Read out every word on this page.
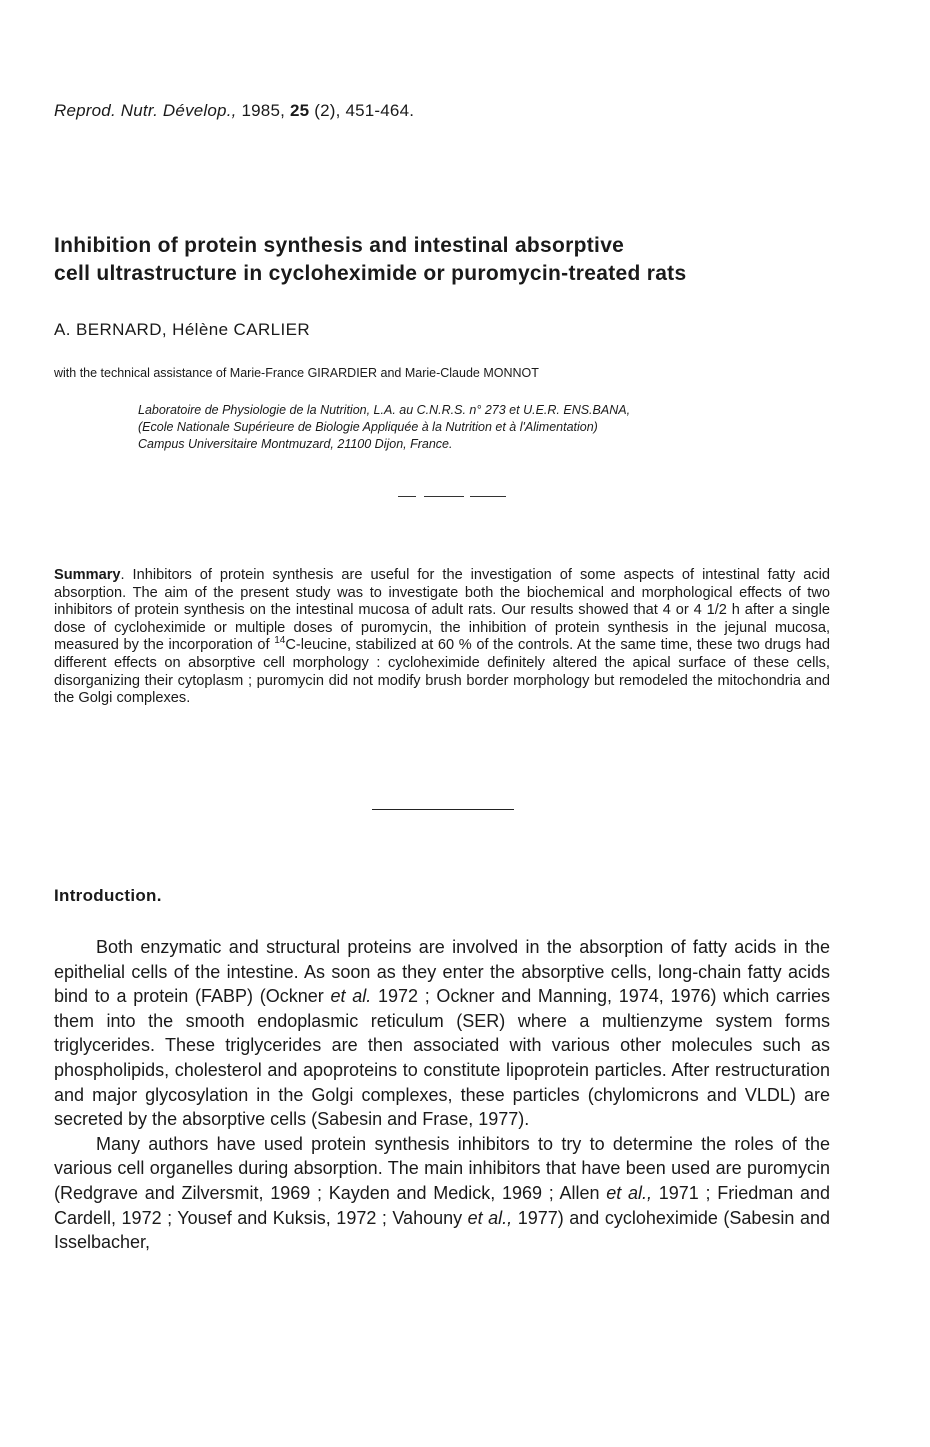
Reprod. Nutr. Dévelop., 1985, 25 (2), 451-464.
Inhibition of protein synthesis and intestinal absorptive
cell ultrastructure in cycloheximide or puromycin-treated rats
A. BERNARD, Hélène CARLIER
with the technical assistance of Marie-France GIRARDIER and Marie-Claude MONNOT
Laboratoire de Physiologie de la Nutrition, L.A. au C.N.R.S. n° 273 et U.E.R. ENS.BANA,
(Ecole Nationale Supérieure de Biologie Appliquée à la Nutrition et à l'Alimentation)
Campus Universitaire Montmuzard, 21100 Dijon, France.
Summary. Inhibitors of protein synthesis are useful for the investigation of some aspects of intestinal fatty acid absorption. The aim of the present study was to investigate both the biochemical and morphological effects of two inhibitors of protein synthesis on the intestinal mucosa of adult rats. Our results showed that 4 or 4 1/2 h after a single dose of cycloheximide or multiple doses of puromycin, the inhibition of protein synthesis in the jejunal mucosa, measured by the incorporation of $^{14}$C-leucine, stabilized at 60 % of the controls. At the same time, these two drugs had different effects on absorptive cell morphology : cycloheximide definitely altered the apical surface of these cells, disorganizing their cytoplasm ; puromycin did not modify brush border morphology but remodeled the mitochondria and the Golgi complexes.
Introduction.

Both enzymatic and structural proteins are involved in the absorption of fatty acids in the epithelial cells of the intestine. As soon as they enter the absorptive cells, long-chain fatty acids bind to a protein (FABP) (Ockner et al. 1972 ; Ockner and Manning, 1974, 1976) which carries them into the smooth endoplasmic reticulum (SER) where a multienzyme system forms triglycerides. These triglycerides are then associated with various other molecules such as phospholipids, cholesterol and apoproteins to constitute lipoprotein particles. After restructuration and major glycosylation in the Golgi complexes, these particles (chylomicrons and VLDL) are secreted by the absorptive cells (Sabesin and Frase, 1977).

Many authors have used protein synthesis inhibitors to try to determine the roles of the various cell organelles during absorption. The main inhibitors that have been used are puromycin (Redgrave and Zilversmit, 1969 ; Kayden and Medick, 1969 ; Allen et al., 1971 ; Friedman and Cardell, 1972 ; Yousef and Kuksis, 1972 ; Vahouny et al., 1977) and cycloheximide (Sabesin and Isselbacher,
